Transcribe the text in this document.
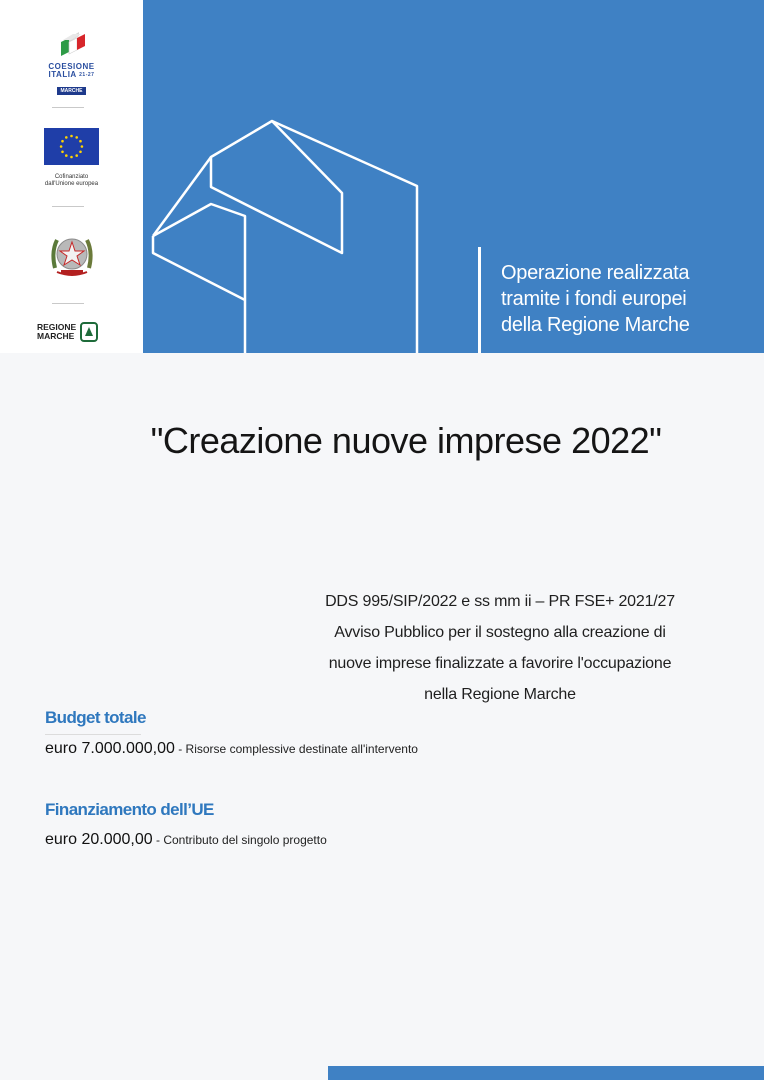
COESIONE
ITALIA $^{21-27}$
MARCHE
Cofinanziato
dall'Unione europea
REGIONE
MARCHE
Operazione realizzata
tramite i fondi europei
della Regione Marche
"Creazione nuove imprese 2022"
DDS 995/SIP/2022 e ss mm ii – PR FSE+ 2021/27
Avviso Pubblico per il sostegno alla creazione di
nuove imprese finalizzate a favorire l'occupazione
nella Regione Marche
Budget totale
euro 7.000.000,00 - Risorse complessive destinate all'intervento
Finanziamento dell’UE
euro 20.000,00 - Contributo del singolo progetto
